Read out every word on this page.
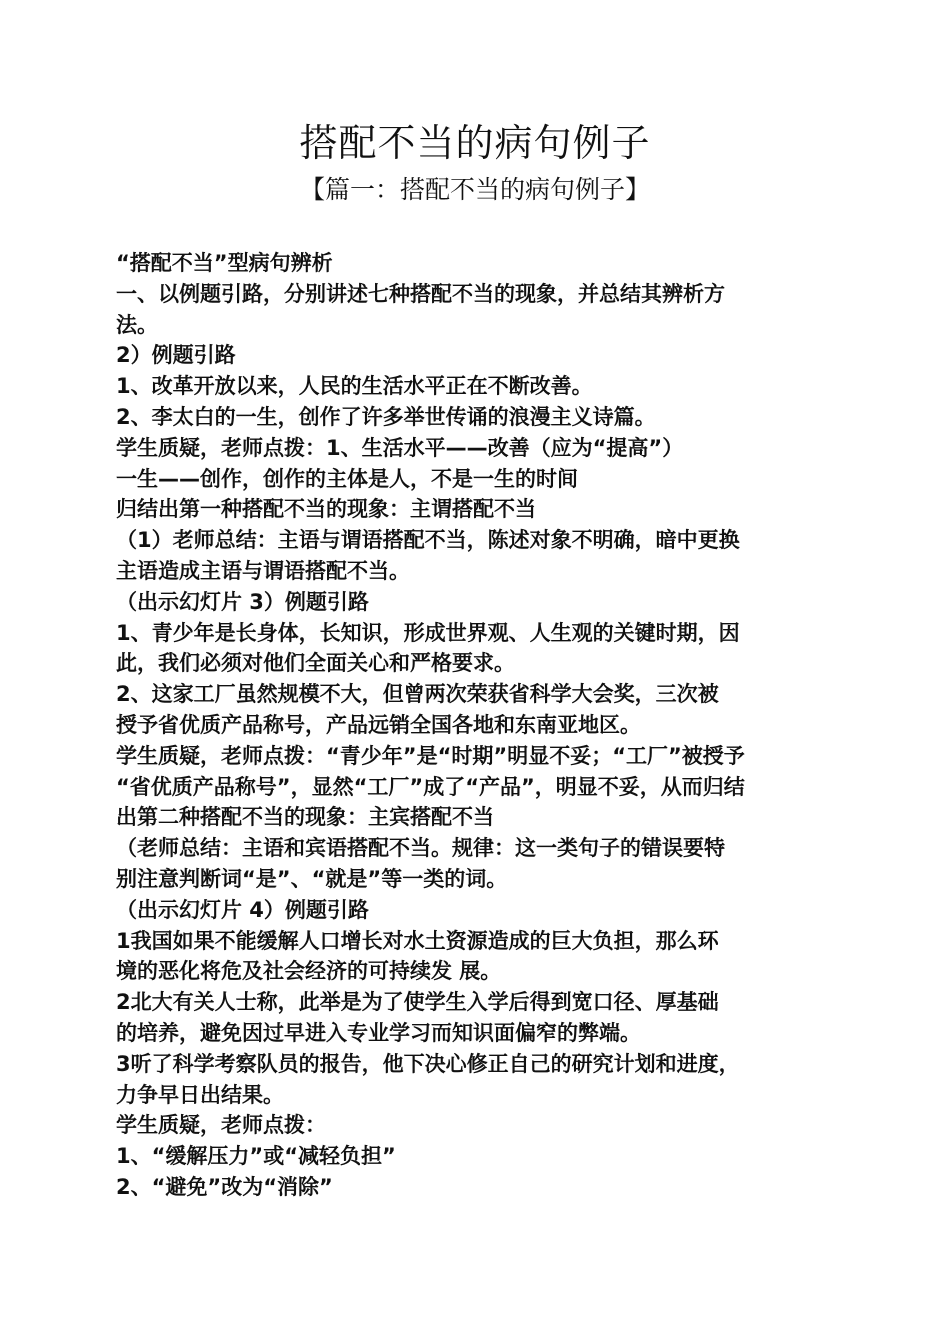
搭配不当的病句例子
【篇一：搭配不当的病句例子】
“搭配不当”型病句辨析
一、以例题引路，分别讲述七种搭配不当的现象，并总结其辨析方
法。
2）例题引路
1、改革开放以来，人民的生活水平正在不断改善。
2、李太白的一生，创作了许多举世传诵的浪漫主义诗篇。
学生质疑，老师点拨：1、生活水平——改善（应为“提高”）
一生——创作，创作的主体是人，不是一生的时间
归结出第一种搭配不当的现象：主谓搭配不当
（1）老师总结：主语与谓语搭配不当，陈述对象不明确，暗中更换
主语造成主语与谓语搭配不当。
（出示幻灯片 3）例题引路
1、青少年是长身体，长知识，形成世界观、人生观的关键时期，因
此，我们必须对他们全面关心和严格要求。
2、这家工厂虽然规模不大，但曾两次荣获省科学大会奖，三次被
授予省优质产品称号，产品远销全国各地和东南亚地区。
学生质疑，老师点拨：“青少年”是“时期”明显不妥；“工厂”被授予
“省优质产品称号”，显然“工厂”成了“产品”，明显不妥，从而归结
出第二种搭配不当的现象：主宾搭配不当
（老师总结：主语和宾语搭配不当。规律：这一类句子的错误要特
别注意判断词“是”、“就是”等一类的词。
（出示幻灯片 4）例题引路
1我国如果不能缓解人口增长对水土资源造成的巨大负担，那么环
境的恶化将危及社会经济的可持续发 展。
2北大有关人士称，此举是为了使学生入学后得到宽口径、厚基础
的培养，避免因过早进入专业学习而知识面偏窄的弊端。
3听了科学考察队员的报告，他下决心修正自己的研究计划和进度，
力争早日出结果。
学生质疑，老师点拨：
1、“缓解压力”或“减轻负担”
2、“避免”改为“消除”
